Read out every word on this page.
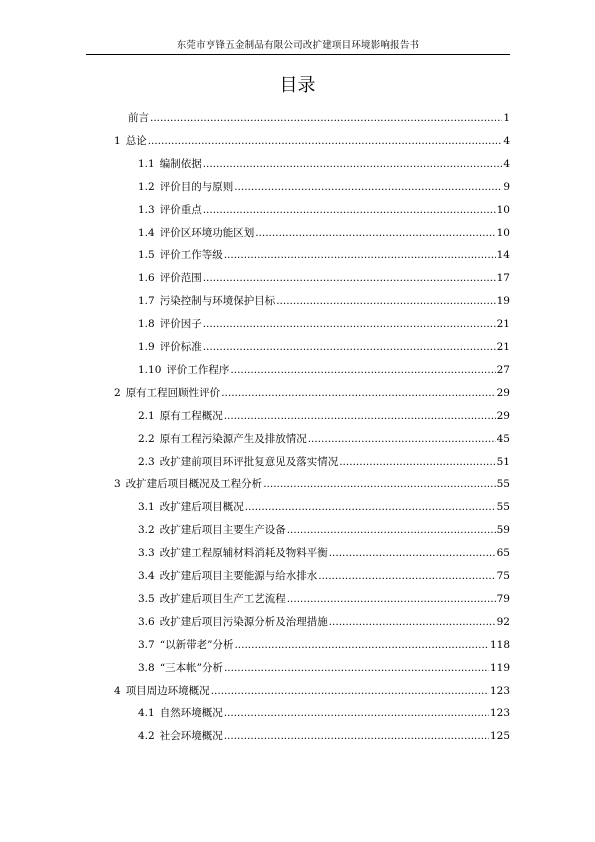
东莞市亨锋五金制品有限公司改扩建项目环境影响报告书
目录
前言 .....	1
1 总论 .....	4
1.1 编制依据 .....	4
1.2 评价目的与原则 .....	9
1.3 评价重点 .....	10
1.4 评价区环境功能区划 .....	10
1.5 评价工作等级 .....	14
1.6 评价范围 .....	17
1.7 污染控制与环境保护目标 .....	19
1.8 评价因子 .....	21
1.9 评价标准 .....	21
1.10 评价工作程序 .....	27
2 原有工程回顾性评价 .....	29
2.1 原有工程概况 .....	29
2.2 原有工程污染源产生及排放情况 .....	45
2.3 改扩建前项目环评批复意见及落实情况 .....	51
3 改扩建后项目概况及工程分析 .....	55
3.1 改扩建后项目概况 .....	55
3.2 改扩建后项目主要生产设备 .....	59
3.3 改扩建工程原辅材料消耗及物料平衡 .....	65
3.4 改扩建后项目主要能源与给水排水 .....	75
3.5 改扩建后项目生产工艺流程 .....	79
3.6 改扩建后项目污染源分析及治理措施 .....	92
3.7 “以新带老”分析 .....	118
3.8 “三本帐”分析 .....	119
4 项目周边环境概况 .....	123
4.1 自然环境概况 .....	123
4.2 社会环境概况 .....	125
